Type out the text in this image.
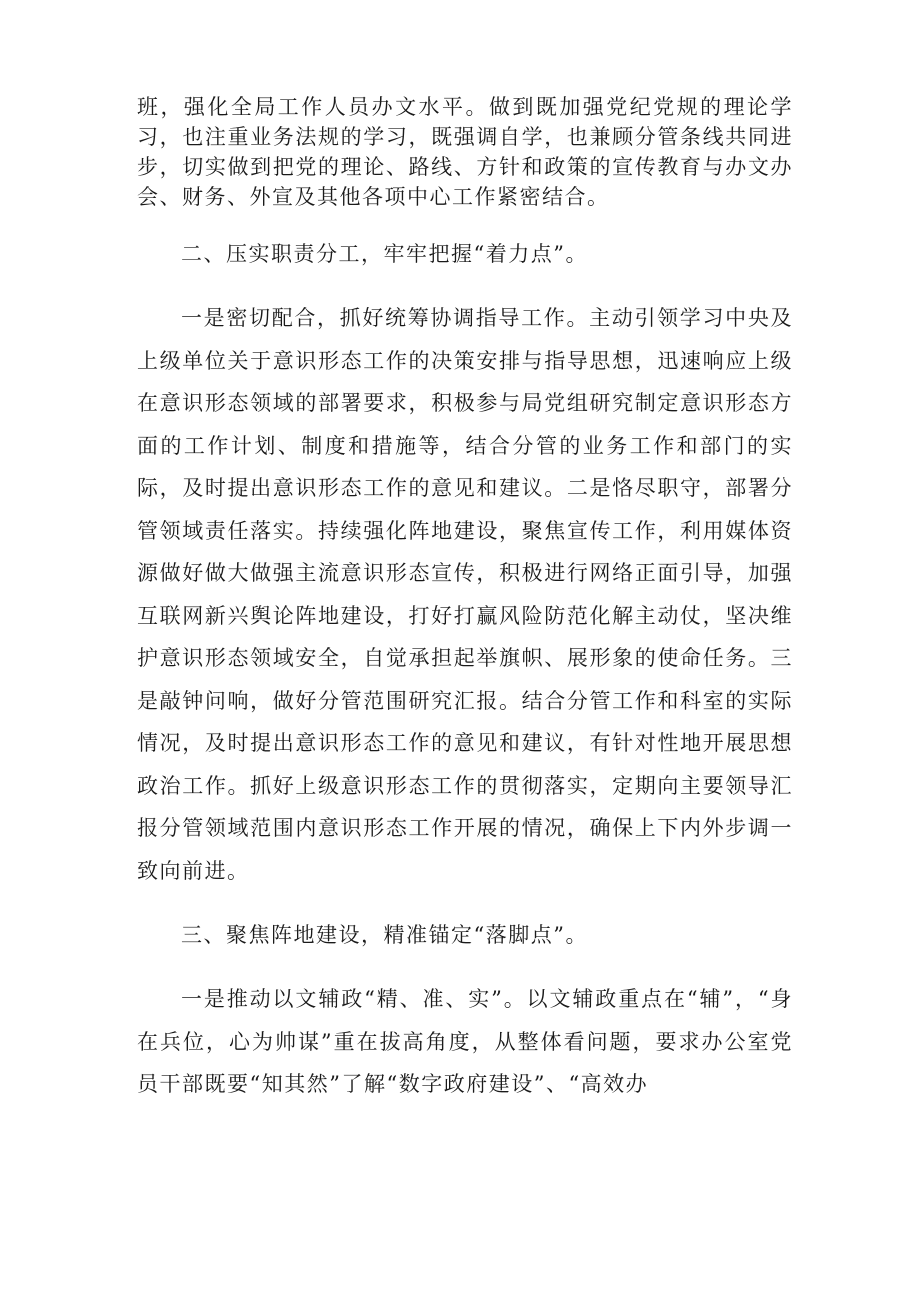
班，强化全局工作人员办文水平。做到既加强党纪党规的理论学习，也注重业务法规的学习，既强调自学，也兼顾分管条线共同进步，切实做到把党的理论、路线、方针和政策的宣传教育与办文办会、财务、外宣及其他各项中心工作紧密结合。

二、压实职责分工，牢牢把握“着力点”。

一是密切配合，抓好统筹协调指导工作。主动引领学习中央及上级单位关于意识形态工作的决策安排与指导思想，迅速响应上级在意识形态领域的部署要求，积极参与局党组研究制定意识形态方面的工作计划、制度和措施等，结合分管的业务工作和部门的实际，及时提出意识形态工作的意见和建议。二是恪尽职守，部署分管领域责任落实。持续强化阵地建设，聚焦宣传工作，利用媒体资源做好做大做强主流意识形态宣传，积极进行网络正面引导，加强互联网新兴舆论阵地建设，打好打赢风险防范化解主动仗，坚决维护意识形态领域安全，自觉承担起举旗帜、展形象的使命任务。三是敲钟问响，做好分管范围研究汇报。结合分管工作和科室的实际情况，及时提出意识形态工作的意见和建议，有针对性地开展思想政治工作。抓好上级意识形态工作的贯彻落实，定期向主要领导汇报分管领域范围内意识形态工作开展的情况，确保上下内外步调一致向前进。

三、聚焦阵地建设，精准锚定“落脚点”。

一是推动以文辅政“精、准、实”。以文辅政重点在“辅”，“身在兵位，心为帅谋”重在拔高角度，从整体看问题，要求办公室党员干部既要“知其然”了解“数字政府建设”、“高效办
